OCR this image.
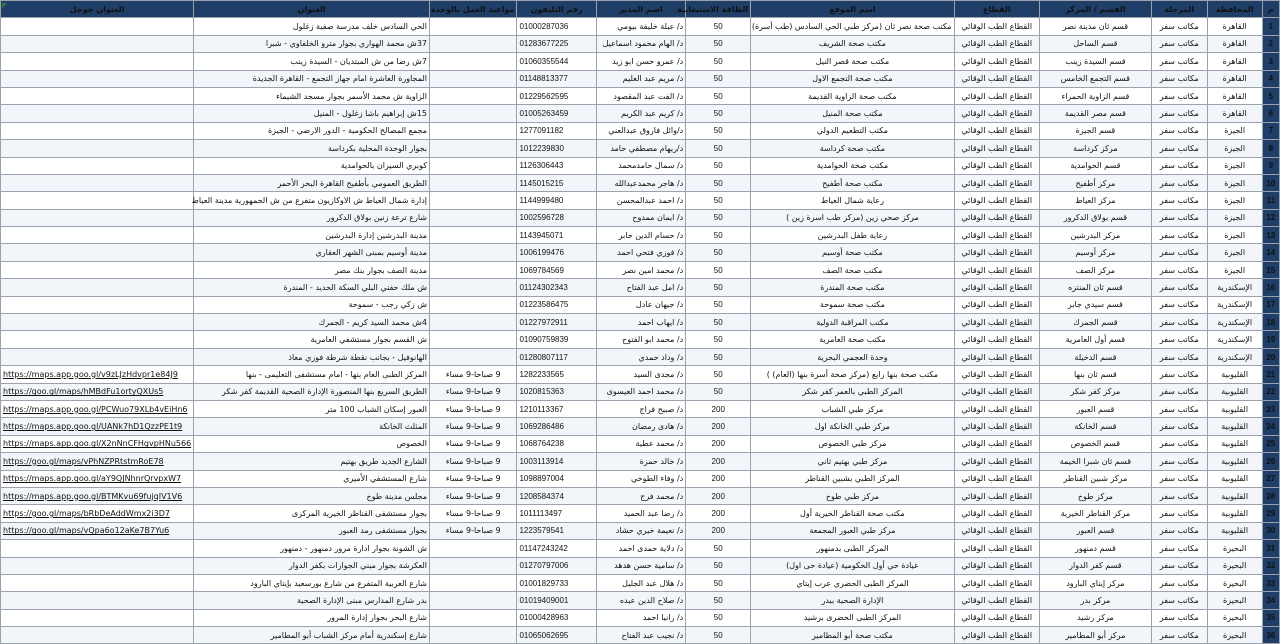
العنوان جوجل	العنوان	مواعيد العمل بالوحدة	رقم التليفون	اسم المدير	الطاقة الاستيعابية	اسم الموقع	القطاع	القسم / المركز	المرحلة	المحافظة	م
	الحي السادس خلف مدرسة صفية زغلول		01000287036	د/ عبلة خليفة بيومي	50	مكتب صحة نصر ثان (مركز طبي الحي السادس (طب أسرة)	القطاع الطب الوقائي	قسم ثان مدينة نصر	مكاتب سفر	القاهرة	1
	37ش محمد الهواري بجوار مترو الخلفاوي - شبرا		01283677225	د/ الهام محمود اسماعيل	50	مكتب صحة الشريف	القطاع الطب الوقائي	قسم الساحل	مكاتب سفر	القاهرة	2
	7ش رضا من ش المبتديان - السيدة زينب		01060355544	د/ عمرو حسن ابو زيد	50	مكتب صحة قصر النيل	القطاع الطب الوقائي	قسم السيدة زينب	مكاتب سفر	القاهرة	3
	المجاورة العاشرة امام جهاز التجمع - القاهرة الجديدة		01148813377	د/ مريم عبد العليم	50	مكتب صحة التجمع الاول	القطاع الطب الوقائي	قسم التجمع الخامس	مكاتب سفر	القاهرة	4
	الزاوية ش محمد الأسمر بجوار مسجد الشيماء		01229562595	د/ الفت عبد المقصود	50	مكتب صحة الزاوية القديمة	القطاع الطب الوقائي	قسم الزاوية الحمراء	مكاتب سفر	القاهرة	5
	15ش إبراهيم باشا زغلول - المنيل		01005263459	د/ كريم عبد الكريم	50	مكتب صحة المنيل	القطاع الطب الوقائي	قسم مصر القديمة	مكاتب سفر	القاهرة	6
	مجمع المصالح الحكومية - الدور الارضي - الجيزة		1277091182	د/وائل فاروق عبدالعني	50	مكتب التطعيم الدولي	القطاع الطب الوقائي	قسم الجيزة	مكاتب سفر	الجيزة	7
	بجوار الوحدة المحلية بكرداسة		1012239830	د/ريهام مصطفي حامد	50	مكتب صحة كرداسة	القطاع الطب الوقائي	مركز كرداسة	مكاتب سفر	الجيزة	8
	كوبري السيران بالحوامدية		1126306443	د/ سمال حامدمحمد	50	مكتب صحة الحوامدية	القطاع الطب الوقائي	قسم الحوامدية	مكاتب سفر	الجيزة	9
	الطريق العمومي بأطفيح القاهرة البحر الأحمر		1145015215	د/ هاجر محمدعبدالله	50	مكتب صحة أطفيح	القطاع الطب الوقائي	مركز أطفيح	مكاتب سفر	الجيزة	10
	إدارة شمال العياط ش الاوكازيون متفرع من ش الجمهورية مدينة العياط		1144999480	د/ احمد عبدالمحسن	50	رعاية شمال العياط	القطاع الطب الوقائي	مركز العياط	مكاتب سفر	الجيزة	11
	شارع ترعة زنين بولاق الدكرور		1002596728	د/ ايمان ممدوح	50	مركز صحي زين (مركز طب اسرة زين )	القطاع الطب الوقائي	قسم بولاق الدكرور	مكاتب سفر	الجيزة	12
	مدينة البدرشين إدارة البدرشين		1143945071	د/ حسام الدين جابر	50	رعاية طفل البدرشين	القطاع الطب الوقائي	مركز البدرشين	مكاتب سفر	الجيزة	13
	مدينة أوسيم بمبنى الشهر العقاري		1006199476	د/ فوزي فتحي احمد	50	مكتب صحة أوسيم	القطاع الطب الوقائي	مركز أوسيم	مكاتب سفر	الجيزة	14
	مدينة الصف بجوار بنك مصر		1069784569	د/ محمد امين نصر	50	مكتب صحة الصف	القطاع الطب الوقائي	مركز الصف	مكاتب سفر	الجيزة	15
	ش ملك حفني البلي السكة الحديد - المندرة		01124302343	د/ امل عبد الفتاح	50	مكتب صحة المندرة	القطاع الطب الوقائي	قسم ثان المنتزه	مكاتب سفر	الإسكندرية	16
	ش زكي رجب - سموحة		01223586475	د/ جيهان عادل	50	مكتب صحة سموحة	القطاع الطب الوقائي	قسم سيدي جابر	مكاتب سفر	الإسكندرية	17
	4ش محمد السيد كريم - الجمرك		01227972911	د/ ايهاب احمد	50	مكتب المراقبة الدولية	القطاع الطب الوقائي	قسم الجمرك	مكاتب سفر	الإسكندرية	18
	ش القسم بجوار مستشفي العامرية		01090759839	د/ محمد ابو الفتوح	50	مكتب صحة العامرية	القطاع الطب الوقائي	قسم أول العامرية	مكاتب سفر	الإسكندرية	19
	الهانوفيل - بجانب نقطة شرطة فوزي معاذ		01280807117	د/ وداد حمدي	50	وحدة العجمي البحرية	القطاع الطب الوقائي	قسم الدخيلة	مكاتب سفر	الإسكندرية	20
https://maps.app.goo.gl/v9zLJzHdvpr1e84J9	المركز الطبى العام بنها - امام مستشفى التعليمى - بنها	9 صباحا-9 مساء	1282233565	د/ مجدى السيد	50	مكتب صحة بنها رابع (مركز صحة أسرة بنها (العام) )	القطاع الطب الوقائي	قسم ثان بنها	مكاتب سفر	القليوبية	21
https://goo.gl/maps/hMBdFu1ortyQXUs5	الطريق السريع بنها المنصورة الإدارة الصحية القديمة كفر شكر	9 صباحا-9 مساء	1020815363	د/ محمد احمد العيسوى	50	المركز الطبي بالعمر كفر شكر	القطاع الطب الوقائي	مركز كفر شكر	مكاتب سفر	القليوبية	22
https://maps.app.goo.gl/PCWuo79XLb4vEiHn6	العبور إسكان الشباب 100 متر	9 صباحا-9 مساء	1210113367	د/ صبيح فراج	200	مركز طبي الشباب	القطاع الطب الوقائي	قسم العبور	مكاتب سفر	القليوبية	23
https://maps.app.goo.gl/UANk7hD1QzzPE1t9	المثلث الخانكة	9 صباحا-9 مساء	1069286486	د/ هادى رمضان	200	مركز طبي الخانكة اول	القطاع الطب الوقائي	قسم الخانكة	مكاتب سفر	القليوبية	24
https://maps.app.goo.gl/X2nNnCFHgvpHNu566	الخصوص	9 صباحا-9 مساء	1068764238	د/ محمد عطية	200	مركز طبي الخصوص	القطاع الطب الوقائي	قسم الخصوص	مكاتب سفر	القليوبية	25
https://goo.gl/maps/vPhNZPRtstmRoE78	الشارع الجديد طريق بهتيم	9 صباحا-9 مساء	1003113914	د/ خالد حمزة	200	مركز طبي بهتيم ثاني	القطاع الطب الوقائي	قسم ثان شبرا الخيمة	مكاتب سفر	القليوبية	26
https://maps.app.goo.gl/aY9QJNhnrQrvpxW7	شارع المستشفي الأميري	9 صباحا-9 مساء	1098897004	د/ وفاء الطوخي	200	المركز الطبي بشبين القناطر	القطاع الطب الوقائي	مركز شبين القناطر	مكاتب سفر	القليوبية	27
https://maps.app.goo.gl/BTMKvu69fujqIV1V6	مجلس مدينة طوخ	9 صباحا-9 مساء	1208584374	د/ محمد فرج	200	مركز طبي طوخ	القطاع الطب الوقائي	مركز طوخ	مكاتب سفر	القليوبية	28
https://goo.gl/maps/bRbDeAddWmx2i3D7	بجوار مستشفى القناطر الخيرية المركزى	9 صباحا-9 مساء	1011113497	د/ رضا عبد الحميد	200	مكتب صحة القناطر الخيرية أول	القطاع الطب الوقائي	مركز القناطر الخيرية	مكاتب سفر	القليوبية	29
https://goo.gl/maps/vQpa6o12aKe7B7Yu6	بجوار مستشفى رمد العبور	9 صباحا-9 مساء	1223579541	د/ نعيمة خيري حشاد	200	مركز طبي العبور المجمعة	القطاع الطب الوقائي	قسم العبور	مكاتب سفر	القليوبية	30
	ش الشونة بجوار ادارة مرور دمنهور - دمنهور		01147243242	د/ دلاية حمدى احمد	50	المركز الطبى بدمنهور	القطاع الطب الوقائي	قسم دمنهور	مكاتب سفر	البحيرة	31
	العكرشة بجوار مبني الجوازات بكفر الدوار		01270797006	د/ سامية حسن هدهد	50	عيادة حي أول الحكومية (عيادة حى اول)	القطاع الطب الوقائي	قسم كفر الدوار	مكاتب سفر	البحيرة	32
	شارع العربية المتفرع من شارع بورسعيد بإيتاي البارود		01001829733	د/ هلال عبد الجليل	50	المركز الطبى الحضري عرب إيتاي	القطاع الطب الوقائي	مركز إيتاي البارود	مكاتب سفر	البحيرة	33
	بدر شارع المدارس مبنى الإدارة الصحية		01019409001	د/ صلاح الدين عبده	50	الإدارة الصحية ببدر	القطاع الطب الوقائي	مركز بدر	مكاتب سفر	البحيرة	34
	شارع البحر بجوار إدارة المرور		01000428963	د/ رانيا احمد	50	المركز الطبى الحضرى برشيد	القطاع الطب الوقائي	مركز رشيد	مكاتب سفر	البحيرة	35
	شارع إسكندرية أمام مركز الشباب أبو المطامير		01065062695	د/ نجيب عبد الفتاح	50	مكتب صحة أبو المطامير	القطاع الطب الوقائي	مركز أبو المطامير	مكاتب سفر	البحيرة	36
